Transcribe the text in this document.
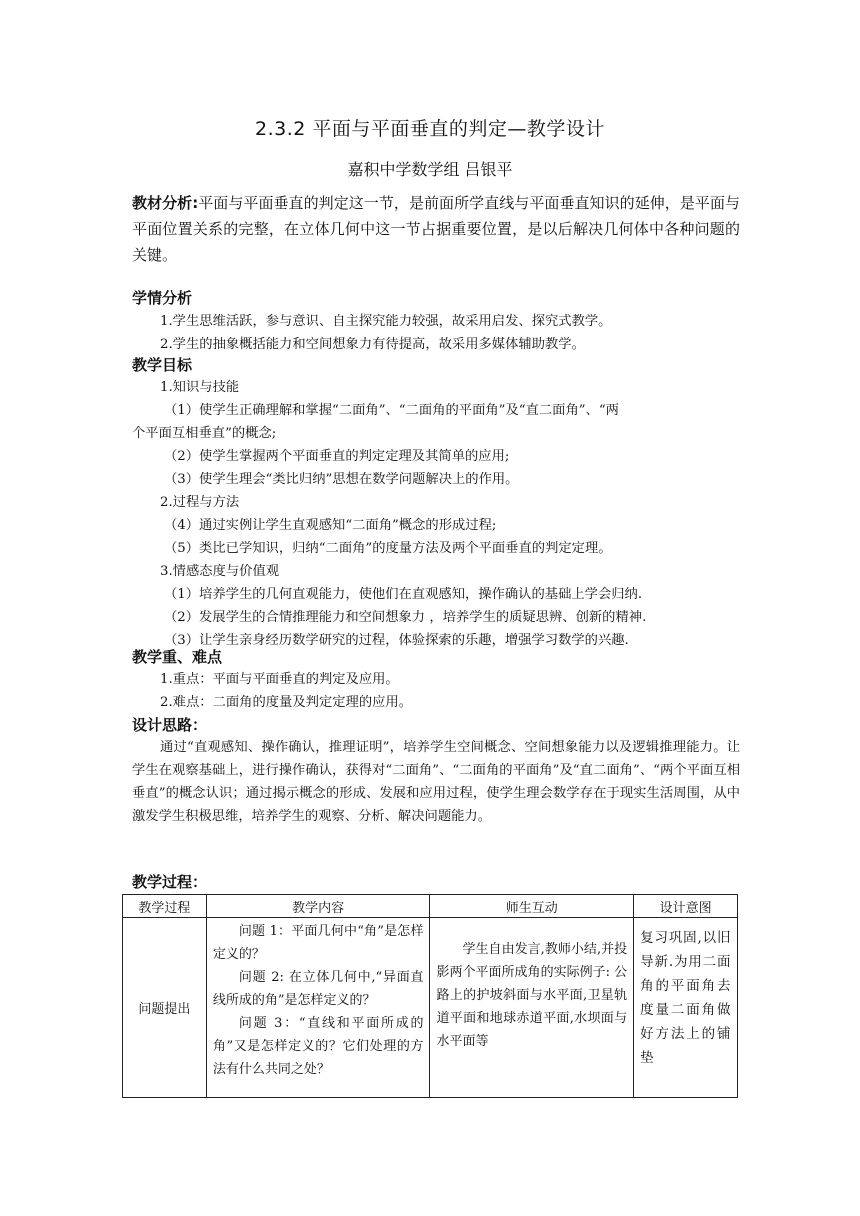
2.3.2 平面与平面垂直的判定—教学设计
嘉积中学数学组 吕银平
教材分析:平面与平面垂直的判定这一节，是前面所学直线与平面垂直知识的延伸，是平面与平面位置关系的完整，在立体几何中这一节占据重要位置，是以后解决几何体中各种问题的关键。
学情分析
1.学生思维活跃，参与意识、自主探究能力较强，故采用启发、探究式教学。
2.学生的抽象概括能力和空间想象力有待提高，故采用多媒体辅助教学。
教学目标
1.知识与技能
（1）使学生正确理解和掌握“二面角”、“二面角的平面角”及“直二面角”、“两
个平面互相垂直”的概念;
（2）使学生掌握两个平面垂直的判定定理及其简单的应用;
（3）使学生理会“类比归纳”思想在数学问题解决上的作用。
2.过程与方法
（4）通过实例让学生直观感知“二面角”概念的形成过程;
（5）类比已学知识，归纳“二面角”的度量方法及两个平面垂直的判定定理。
3.情感态度与价值观
（1）培养学生的几何直观能力，使他们在直观感知，操作确认的基础上学会归纳.
（2）发展学生的合情推理能力和空间想象力 ，培养学生的质疑思辨、创新的精神.
（3）让学生亲身经历数学研究的过程，体验探索的乐趣，增强学习数学的兴趣.
教学重、难点
1.重点：平面与平面垂直的判定及应用。
2.难点：二面角的度量及判定定理的应用。
设计思路：
通过“直观感知、操作确认，推理证明”，培养学生空间概念、空间想象能力以及逻辑推理能力。让学生在观察基础上，进行操作确认，获得对“二面角”、“二面角的平面角”及“直二面角”、“两个平面互相垂直”的概念认识；通过揭示概念的形成、发展和应用过程，使学生理会数学存在于现实生活周围，从中激发学生积极思维，培养学生的观察、分析、解决问题能力。
教学过程：
教学过程	教学内容	师生互动	设计意图
问题提出	问题 1：平面几何中“角”是怎样定义的？

问题 2: 在立体几何中,“异面直线所成的角”是怎样定义的？

问题 3：“直线和平面所成的角”又是怎样定义的？它们处理的方法有什么共同之处？	学生自由发言,教师小结,并投影两个平面所成角的实际例子: 公路上的护坡斜面与水平面,卫星轨道平面和地球赤道平面,水坝面与水平面等	复习巩固,以旧导新.为用二面角的平面角去度量二面角做好方法上的铺垫
